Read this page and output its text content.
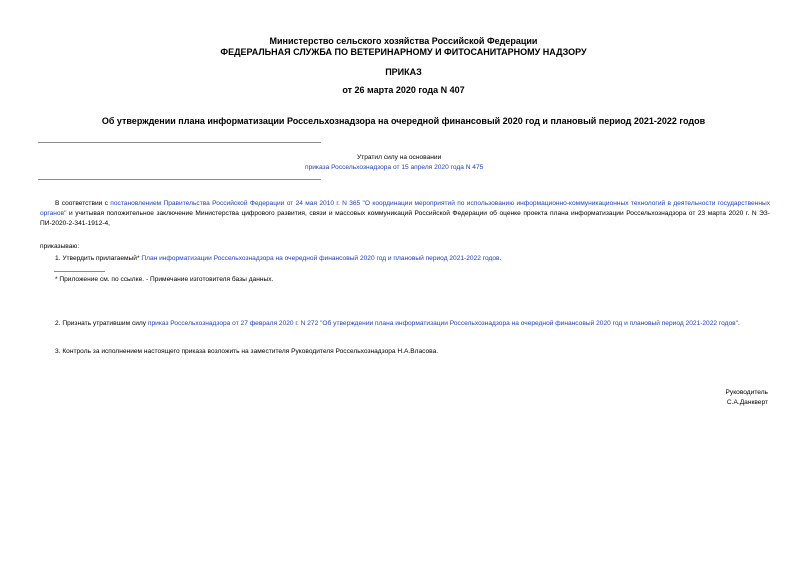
Министерство сельского хозяйства Российской Федерации
ФЕДЕРАЛЬНАЯ СЛУЖБА ПО ВЕТЕРИНАРНОМУ И ФИТОСАНИТАРНОМУ НАДЗОРУ
ПРИКАЗ
от 26 марта 2020 года N 407
Об утверждении плана информатизации Россельхознадзора на очередной финансовый 2020 год и плановый период 2021-2022 годов
Утратил силу на основании
приказа Россельхознадзора от 15 апреля 2020 года N 475
В соответствии с постановлением Правительства Российской Федерации от 24 мая 2010 г. N 365 "О координации мероприятий по использованию информационно-коммуникационных технологий в деятельности государственных органов" и учитывая положительное заключение Министерства цифрового развития, связи и массовых коммуникаций Российской Федерации об оценке проекта плана информатизации Россельхознадзора от 23 марта 2020 г. N ЭЗ-ПИ-2020-2-341-1912-4,
приказываю:
1. Утвердить прилагаемый* План информатизации Россельхознадзора на очередной финансовый 2020 год и плановый период 2021-2022 годов.
* Приложение см. по ссылке. - Примечание изготовителя базы данных.
2. Признать утратившим силу приказ Россельхознадзора от 27 февраля 2020 г. N 272 "Об утверждении плана информатизации Россельхознадзора на очередной финансовый 2020 год и плановый период 2021-2022 годов".
3. Контроль за исполнением настоящего приказа возложить на заместителя Руководителя Россельхознадзора Н.А.Власова.
Руководитель
С.А.Данкверт
